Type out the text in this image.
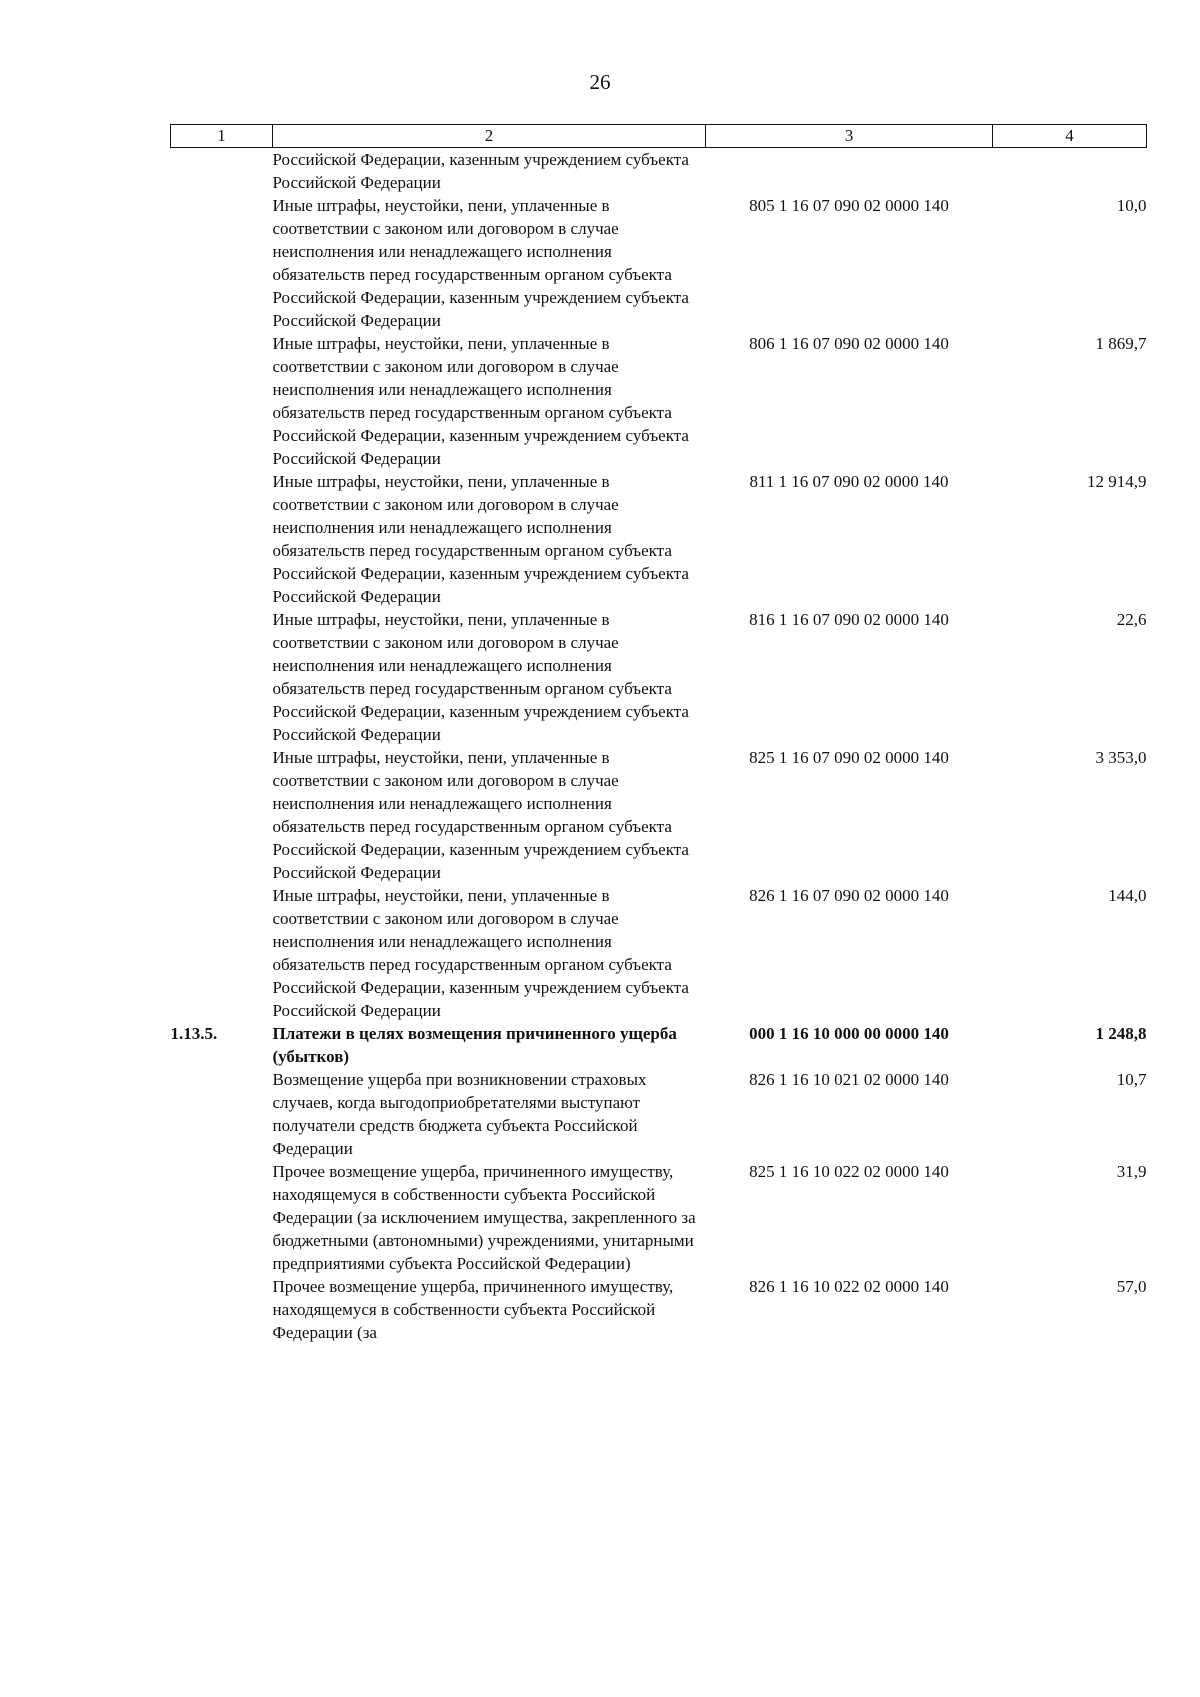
26
1	2	3	4
	Российской Федерации, казенным учреждением субъекта Российской Федерации		
	Иные штрафы, неустойки, пени, уплаченные в соответствии с законом или договором в случае неисполнения или ненадлежащего исполнения обязательств перед государственным органом субъекта Российской Федерации, казенным учреждением субъекта Российской Федерации	805 1 16 07 090 02 0000 140	10,0
	Иные штрафы, неустойки, пени, уплаченные в соответствии с законом или договором в случае неисполнения или ненадлежащего исполнения обязательств перед государственным органом субъекта Российской Федерации, казенным учреждением субъекта Российской Федерации	806 1 16 07 090 02 0000 140	1 869,7
	Иные штрафы, неустойки, пени, уплаченные в соответствии с законом или договором в случае неисполнения или ненадлежащего исполнения обязательств перед государственным органом субъекта Российской Федерации, казенным учреждением субъекта Российской Федерации	811 1 16 07 090 02 0000 140	12 914,9
	Иные штрафы, неустойки, пени, уплаченные в соответствии с законом или договором в случае неисполнения или ненадлежащего исполнения обязательств перед государственным органом субъекта Российской Федерации, казенным учреждением субъекта Российской Федерации	816 1 16 07 090 02 0000 140	22,6
	Иные штрафы, неустойки, пени, уплаченные в соответствии с законом или договором в случае неисполнения или ненадлежащего исполнения обязательств перед государственным органом субъекта Российской Федерации, казенным учреждением субъекта Российской Федерации	825 1 16 07 090 02 0000 140	3 353,0
	Иные штрафы, неустойки, пени, уплаченные в соответствии с законом или договором в случае неисполнения или ненадлежащего исполнения обязательств перед государственным органом субъекта Российской Федерации, казенным учреждением субъекта Российской Федерации	826 1 16 07 090 02 0000 140	144,0
1.13.5.	Платежи в целях возмещения причиненного ущерба (убытков)	000 1 16 10 000 00 0000 140	1 248,8
	Возмещение ущерба при возникновении страховых случаев, когда выгодоприобретателями выступают получатели средств бюджета субъекта Российской Федерации	826 1 16 10 021 02 0000 140	10,7
	Прочее возмещение ущерба, причиненного имуществу, находящемуся в собственности субъекта Российской Федерации (за исключением имущества, закрепленного за бюджетными (автономными) учреждениями, унитарными предприятиями субъекта Российской Федерации)	825 1 16 10 022 02 0000 140	31,9
	Прочее возмещение ущерба, причиненного имуществу, находящемуся в собственности субъекта Российской Федерации (за	826 1 16 10 022 02 0000 140	57,0
